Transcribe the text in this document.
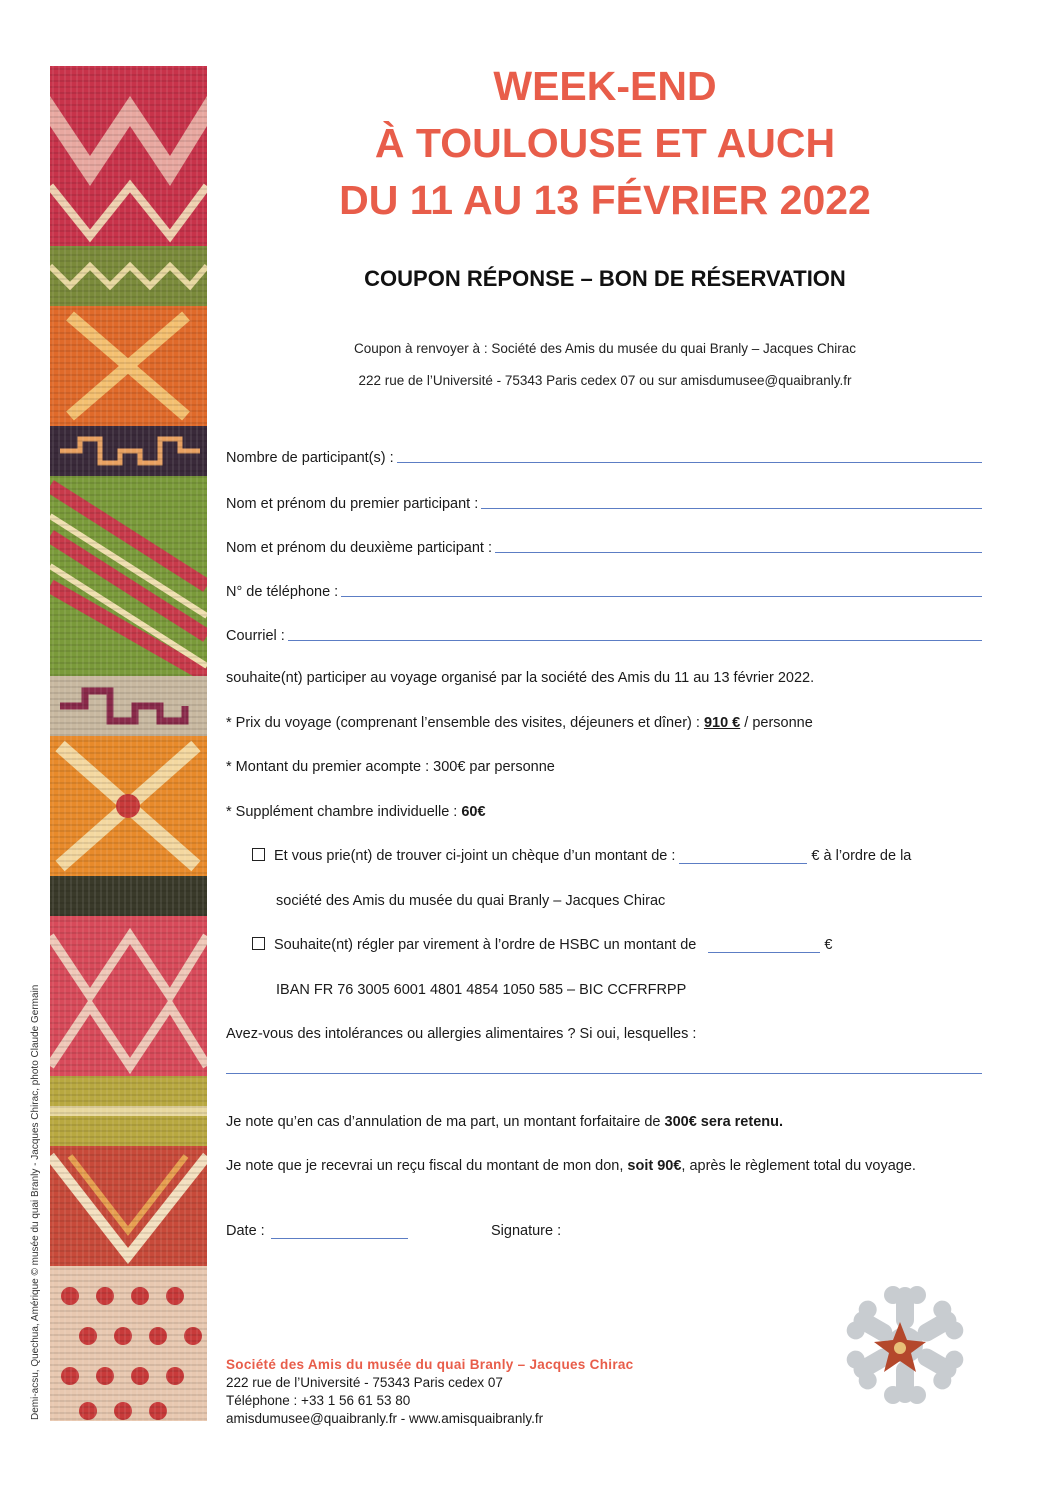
Demi-acsu, Quechua, Amérique © musée du quai Branly - Jacques Chirac, photo Claude Germain
WEEK-END
À TOULOUSE ET AUCH
DU 11 AU 13 FÉVRIER 2022
COUPON RÉPONSE – BON DE RÉSERVATION
Coupon à renvoyer à : Société des Amis du musée du quai Branly – Jacques Chirac
222 rue de l’Université - 75343 Paris cedex 07 ou sur amisdumusee@quaibranly.fr
Nombre de participant(s) :
Nom et prénom du premier participant :
Nom et prénom du deuxième participant :
N° de téléphone :
Courriel :
souhaite(nt) participer au voyage organisé par la société des Amis du 11 au 13 février 2022.
* Prix du voyage (comprenant l’ensemble des visites, déjeuners et dîner) : 910 € / personne
* Montant du premier acompte : 300€ par personne
* Supplément chambre individuelle : 60€
Et vous prie(nt) de trouver ci-joint un chèque d’un montant de :	€ à l’ordre de la
société des Amis du musée du quai Branly – Jacques Chirac
Souhaite(nt) régler par virement à l’ordre de HSBC un montant de	€
IBAN FR 76 3005 6001 4801 4854 1050 585 – BIC CCFRFRPP
Avez-vous des intolérances ou allergies alimentaires ? Si oui, lesquelles :
Je note qu’en cas d’annulation de ma part, un montant forfaitaire de 300€ sera retenu.
Je note que je recevrai un reçu fiscal du montant de mon don, soit 90€, après le règlement total du voyage.
Date :	Signature :
Société des Amis du musée du quai Branly – Jacques Chirac
222 rue de l’Université - 75343 Paris cedex 07
Téléphone : +33 1 56 61 53 80
amisdumusee@quaibranly.fr - www.amisquaibranly.fr
